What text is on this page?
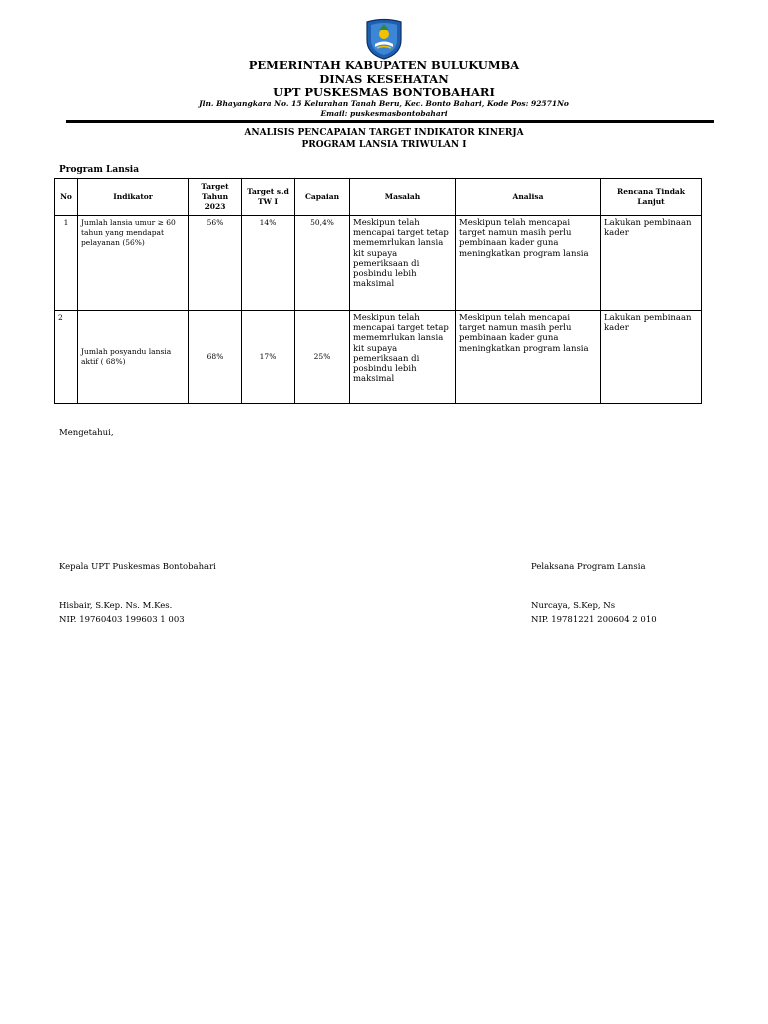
PEMERINTAH KABUPATEN BULUKUMBA
DINAS KESEHATAN
UPT PUSKESMAS BONTOBAHARI
Jln. Bhayangkara No. 15 Kelurahan Tanah Beru, Kec. Bonto Bahari, Kode Pos: 92571No
Email: puskesmasbontobahari
ANALISIS PENCAPAIAN TARGET INDIKATOR KINERJA
PROGRAM LANSIA TRIWULAN I
Program Lansia
No	Indikator	Target Tahun 2023	Target s.d TW I	Capaian	Masalah	Analisa	Rencana Tindak Lanjut
1	Jumlah lansia umur ≥ 60 tahun yang mendapat pelayanan (56%)	56%	14%	50,4%	Meskipun telah mencapai target tetap mememrlukan lansia kit supaya pemeriksaan di posbindu lebih maksimal	Meskipun telah mencapai target namun masih perlu pembinaan kader guna meningkatkan program lansia	Lakukan pembinaan kader
2	Jumlah posyandu lansia aktif ( 68%)	68%	17%	25%	Meskipun telah mencapai target tetap mememrlukan lansia kit supaya pemeriksaan di posbindu lebih maksimal	Meskipun telah mencapai target namun masih perlu pembinaan kader guna meningkatkan program lansia	Lakukan pembinaan kader
Mengetahui,
Kepala UPT Puskesmas Bontobahari
Hisbair, S.Kep. Ns. M.Kes.
NIP. 19760403 199603 1 003
Pelaksana Program Lansia
Nurcaya, S.Kep, Ns
NIP. 19781221 200604 2 010
